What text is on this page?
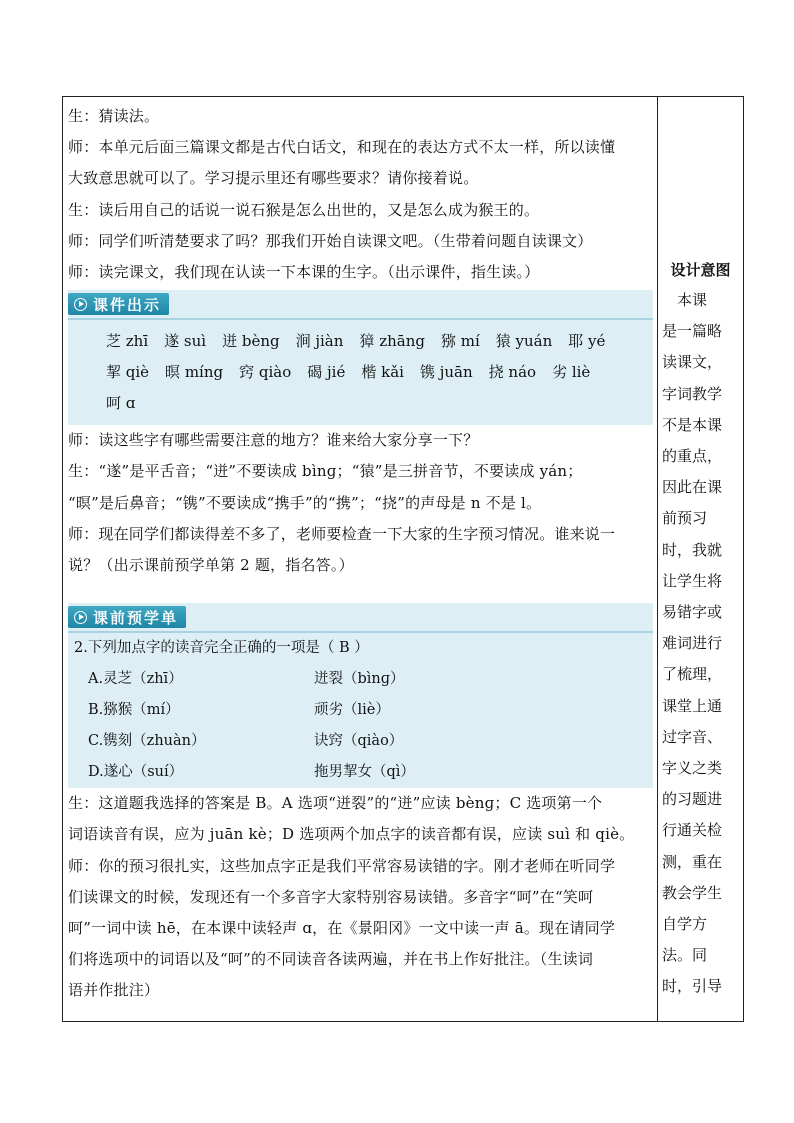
生：猜读法。
师：本单元后面三篇课文都是古代白话文，和现在的表达方式不太一样，所以读懂
大致意思就可以了。学习提示里还有哪些要求？请你接着说。
生：读后用自己的话说一说石猴是怎么出世的，又是怎么成为猴王的。
师：同学们听清楚要求了吗？那我们开始自读课文吧。（生带着问题自读课文）
师：读完课文，我们现在认读一下本课的生字。（出示课件，指生读。）
课件出示
芝 zhī 遂 suì 迸 bèng 涧 jiàn 獐 zhāng 猕 mí 猿 yuán 耶 yé
挈 qiè 暝 míng 窍 qiào 碣 jié 楷 kǎi 镌 juān 挠 náo 劣 liè
呵 ɑ
师：读这些字有哪些需要注意的地方？谁来给大家分享一下？
生：“遂”是平舌音；“迸”不要读成 bìnɡ；“猿”是三拼音节，不要读成 yán；
“暝”是后鼻音；“镌”不要读成“携手”的“携”；“挠”的声母是 n 不是 l。
师：现在同学们都读得差不多了，老师要检查一下大家的生字预习情况。谁来说一
说？（出示课前预学单第 2 题，指名答。）
课前预学单
2.下列加点字的读音完全正确的一项是（ B ）
A.灵芝（zhī）	迸裂（bìnɡ）
B.猕猴（mí）	顽劣（liè）
C.镌刻（zhuàn）	诀窍（qiào）
D.遂心（suí）	拖男挈女（qì）
生：这道题我选择的答案是 B。A 选项“迸裂”的“迸”应读 bènɡ；C 选项第一个
词语读音有误，应为 juān kè；D 选项两个加点字的读音都有误，应读 suì 和 qiè。
师：你的预习很扎实，这些加点字正是我们平常容易读错的字。刚才老师在听同学
们读课文的时候，发现还有一个多音字大家特别容易读错。多音字“呵”在“笑呵
呵”一词中读 hē，在本课中读轻声 ɑ，在《景阳冈》一文中读一声 ā。现在请同学
们将选项中的词语以及“呵”的不同读音各读两遍，并在书上作好批注。（生读词
语并作批注）
设计意图
　本课
是一篇略
读课文，
字词教学
不是本课
的重点，
因此在课
前预习
时，我就
让学生将
易错字或
难词进行
了梳理，
课堂上通
过字音、
字义之类
的习题进
行通关检
测，重在
教会学生
自学方
法。同
时，引导
